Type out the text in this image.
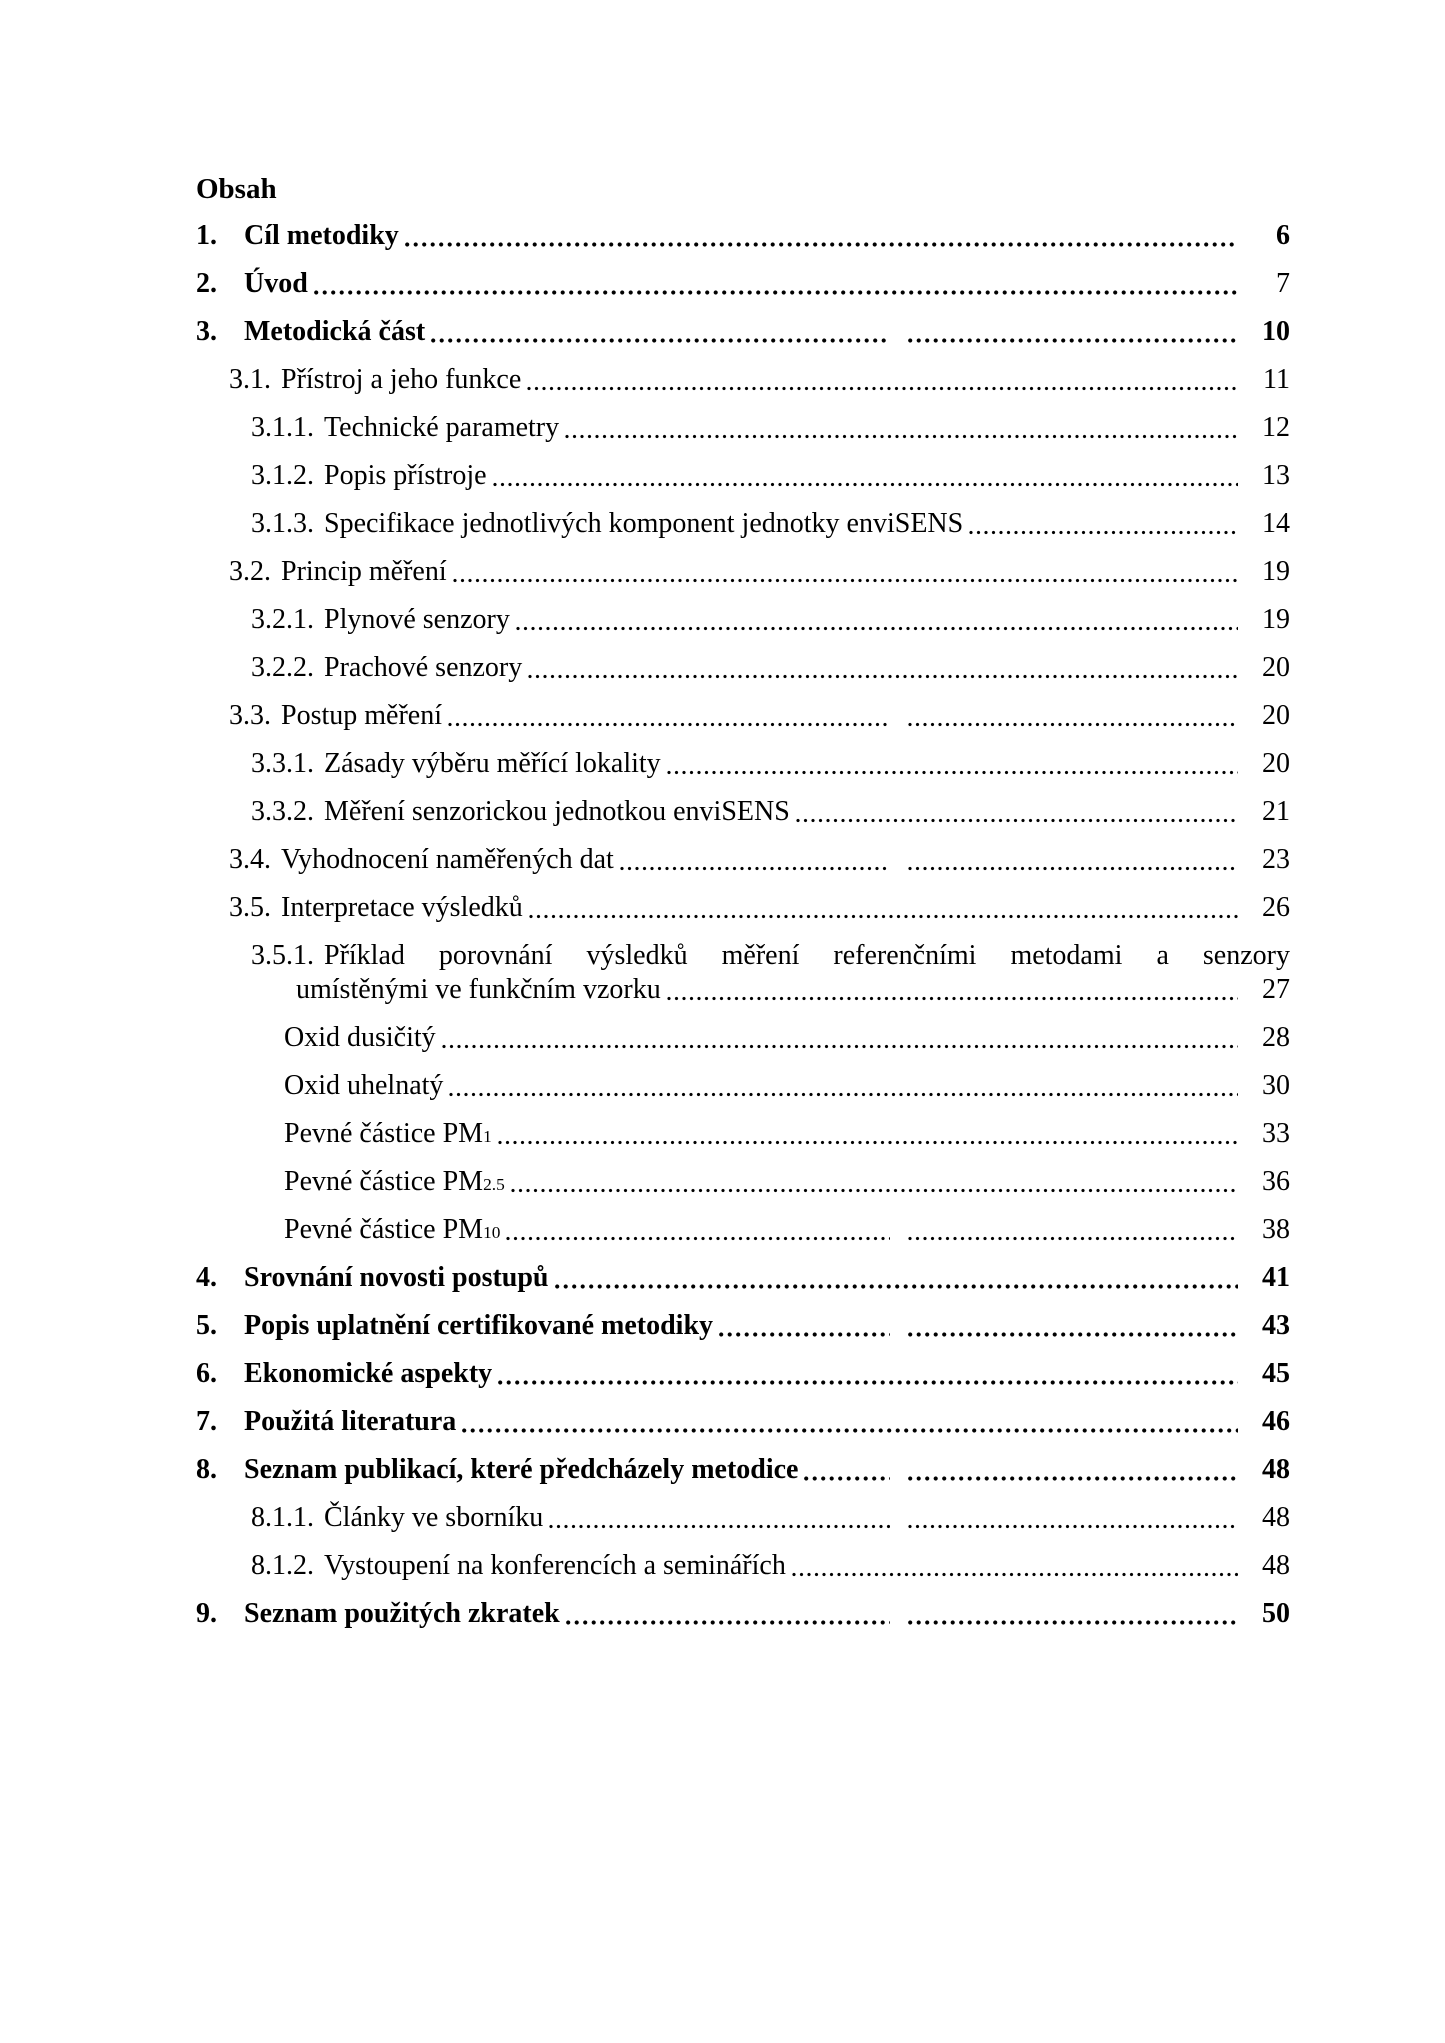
Obsah
1. Cíl metodiky	6
2. Úvod	7
3. Metodická část	10
3.1. Přístroj a jeho funkce	11
3.1.1. Technické parametry	12
3.1.2. Popis přístroje	13
3.1.3. Specifikace jednotlivých komponent jednotky enviSENS	14
3.2. Princip měření	19
3.2.1. Plynové senzory	19
3.2.2. Prachové senzory	20
3.3. Postup měření	20
3.3.1. Zásady výběru měřící lokality	20
3.3.2. Měření senzorickou jednotkou enviSENS	21
3.4. Vyhodnocení naměřených dat	23
3.5. Interpretace výsledků	26
3.5.1. Příklad porovnání výsledků měření referenčními metodami a senzory
umístěnými ve funkčním vzorku	27
Oxid dusičitý	28
Oxid uhelnatý	30
Pevné částice PM 1	33
Pevné částice PM 2.5	36
Pevné částice PM 10	38
4. Srovnání novosti postupů	41
5. Popis uplatnění certifikované metodiky	43
6. Ekonomické aspekty	45
7. Použitá literatura	46
8. Seznam publikací, které předcházely metodice	48
8.1.1. Články ve sborníku	48
8.1.2. Vystoupení na konferencích a seminářích	48
9. Seznam použitých zkratek	50
